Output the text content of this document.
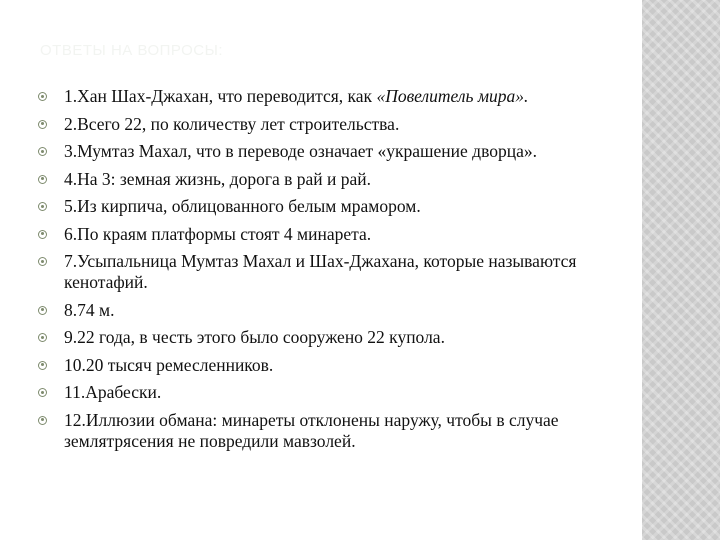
ОТВЕТЫ НА ВОПРОСЫ:
1.Хан Шах-Джахан, что переводится, как «Повелитель мира».
2.Всего 22, по количеству лет строительства.
3.Мумтаз Махал, что в переводе означает «украшение дворца».
4.На 3: земная жизнь, дорога в рай и рай.
5.Из кирпича, облицованного белым мрамором.
6.По краям платформы стоят 4 минарета.
7.Усыпальница Мумтаз Махал и Шах-Джахана, которые называются кенотафий.
8.74 м.
9.22 года, в честь этого было сооружено 22 купола.
10.20 тысяч ремесленников.
11.Арабески.
12.Иллюзии обмана: минареты отклонены наружу, чтобы в случае землятрясения не повредили мавзолей.
